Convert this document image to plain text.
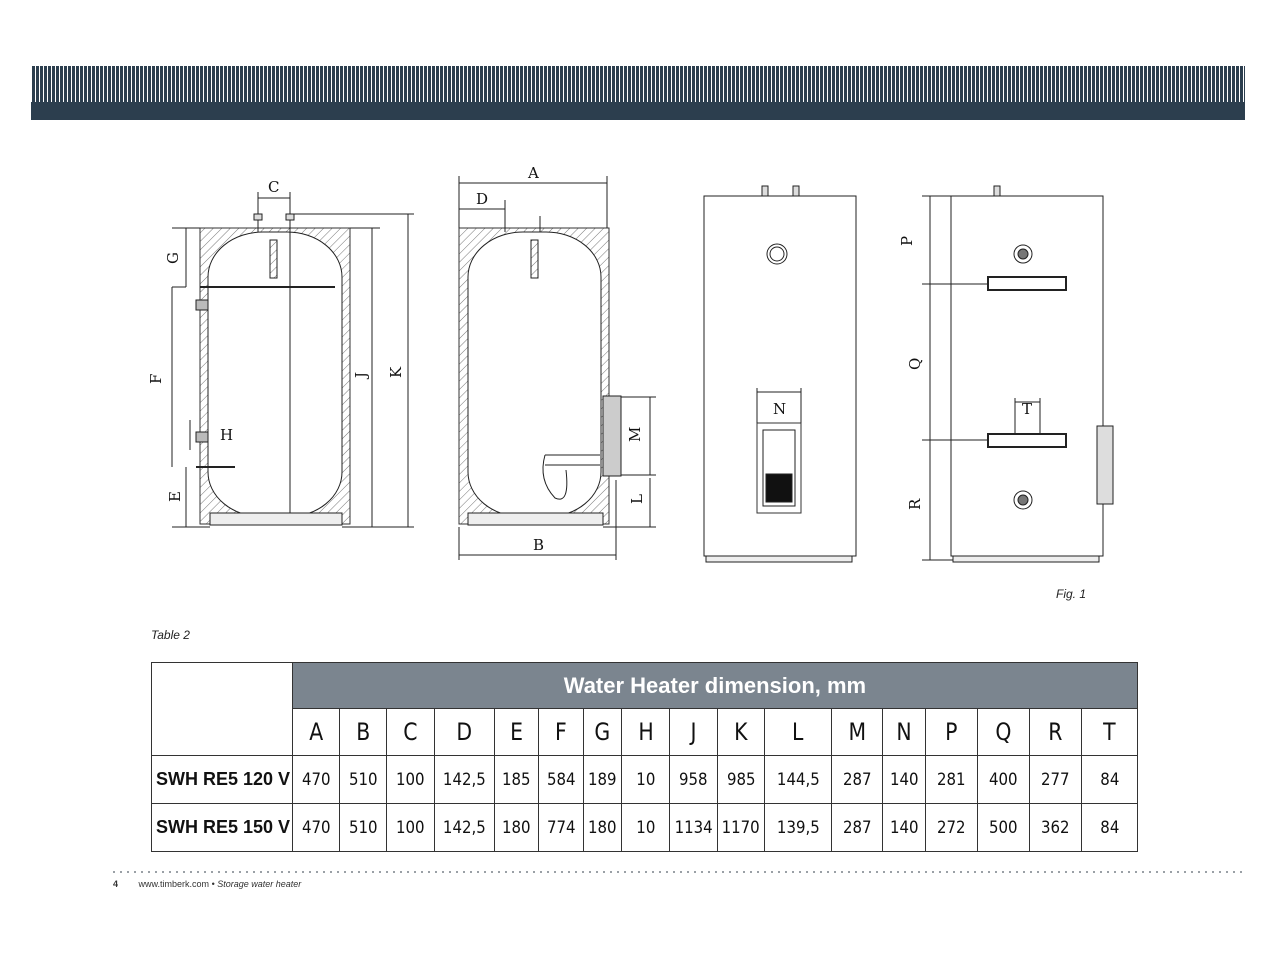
C
G
F
H
E
J K
A
D
B
M
L
N
P
Q
T
R
Fig. 1
Table 2
	Water Heater dimension, mm																
	A	B	C	D	E	F	G	H	J	K	L	M	N	P	Q	R	T
SWH RE5 120 V	470	510	100	142,5	185	584	189	10	958	985	144,5	287	140	281	400	277	84
SWH RE5 150 V	470	510	100	142,5	180	774	180	10	1134	1170	139,5	287	140	272	500	362	84
4 www.timberk.com • Storage water heater
